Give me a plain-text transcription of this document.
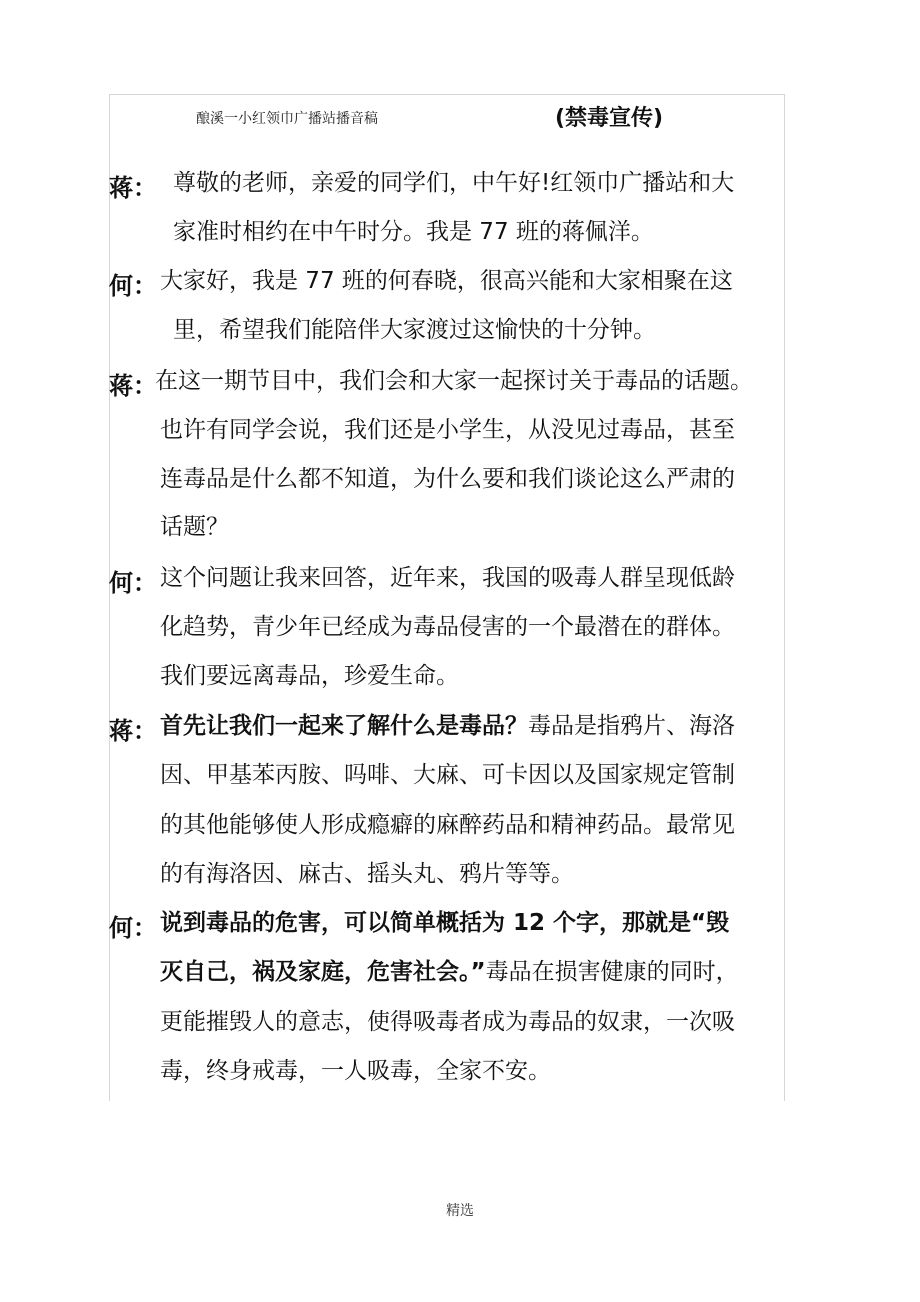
酿溪一小红领巾广播站播音稿	(禁毒宣传)
蒋： 尊敬的老师，亲爱的同学们，中午好!红领巾广播站和大
家准时相约在中午时分。我是 77 班的蒋佩洋。
何： 大家好，我是 77 班的何春晓，很高兴能和大家相聚在这
里，希望我们能陪伴大家渡过这愉快的十分钟。
蒋：
在这一期节目中，我们会和大家一起探讨关于毒品的话题。
也许有同学会说，我们还是小学生，从没见过毒品，甚至
连毒品是什么都不知道，为什么要和我们谈论这么严肃的
话题？
何： 这个问题让我来回答，近年来，我国的吸毒人群呈现低龄
化趋势，青少年已经成为毒品侵害的一个最潜在的群体。
我们要远离毒品，珍爱生命。
蒋： 首先让我们一起来了解什么是毒品？毒品是指鸦片、海洛
因、甲基苯丙胺、吗啡、大麻、可卡因以及国家规定管制
的其他能够使人形成瘾癖的麻醉药品和精神药品。最常见
的有海洛因、麻古、摇头丸、鸦片等等。
何： 说到毒品的危害，可以简单概括为 12 个字，那就是“毁
灭自己，祸及家庭，危害社会。”毒品在损害健康的同时，
更能摧毁人的意志，使得吸毒者成为毒品的奴隶，一次吸
毒，终身戒毒，一人吸毒，全家不安。
精选
